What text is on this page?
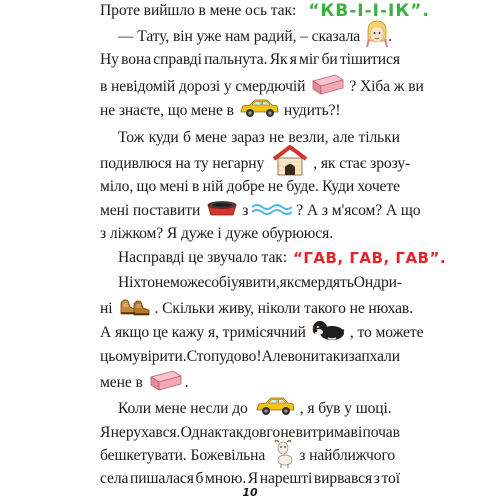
Проте вийшло в мене ось так: “КВ-І-І-ІК”.
— Тату, він уже нам радий, – сказала .
Ну вона справді пальнута. Як я міг би тішитися
в невідомій дорозі у смердючій	? Хіба ж ви
не знаєте, що мене в	нудить?!
Тож куди б мене зараз не везли, але тільки
подивлюся на ту негарну	, як стає зрозу-
міло, що мені в ній добре не буде. Куди хочете
мені поставити	з	? А з м'ясом? А що
з ліжком? Я дуже і дуже обурююся.
Насправді це звучало так: “ГАВ, ГАВ, ГАВ”.
Ніхто не може собі уявити, як смердять Ондри-
ні	. Скільки живу, ніколи такого не нюхав.
А якщо це кажу я, тримісячний	, то можете
цьому вірити. Стопудово! Але вони таки запхали
мене в	.
Коли мене несли до	, я був у шоці.
Я не рухався. Однак так довго не витримав і почав
бешкетувати. Божевільна з найближчого
села пишалася б мною. Я нарешті вирвався з тої
10
